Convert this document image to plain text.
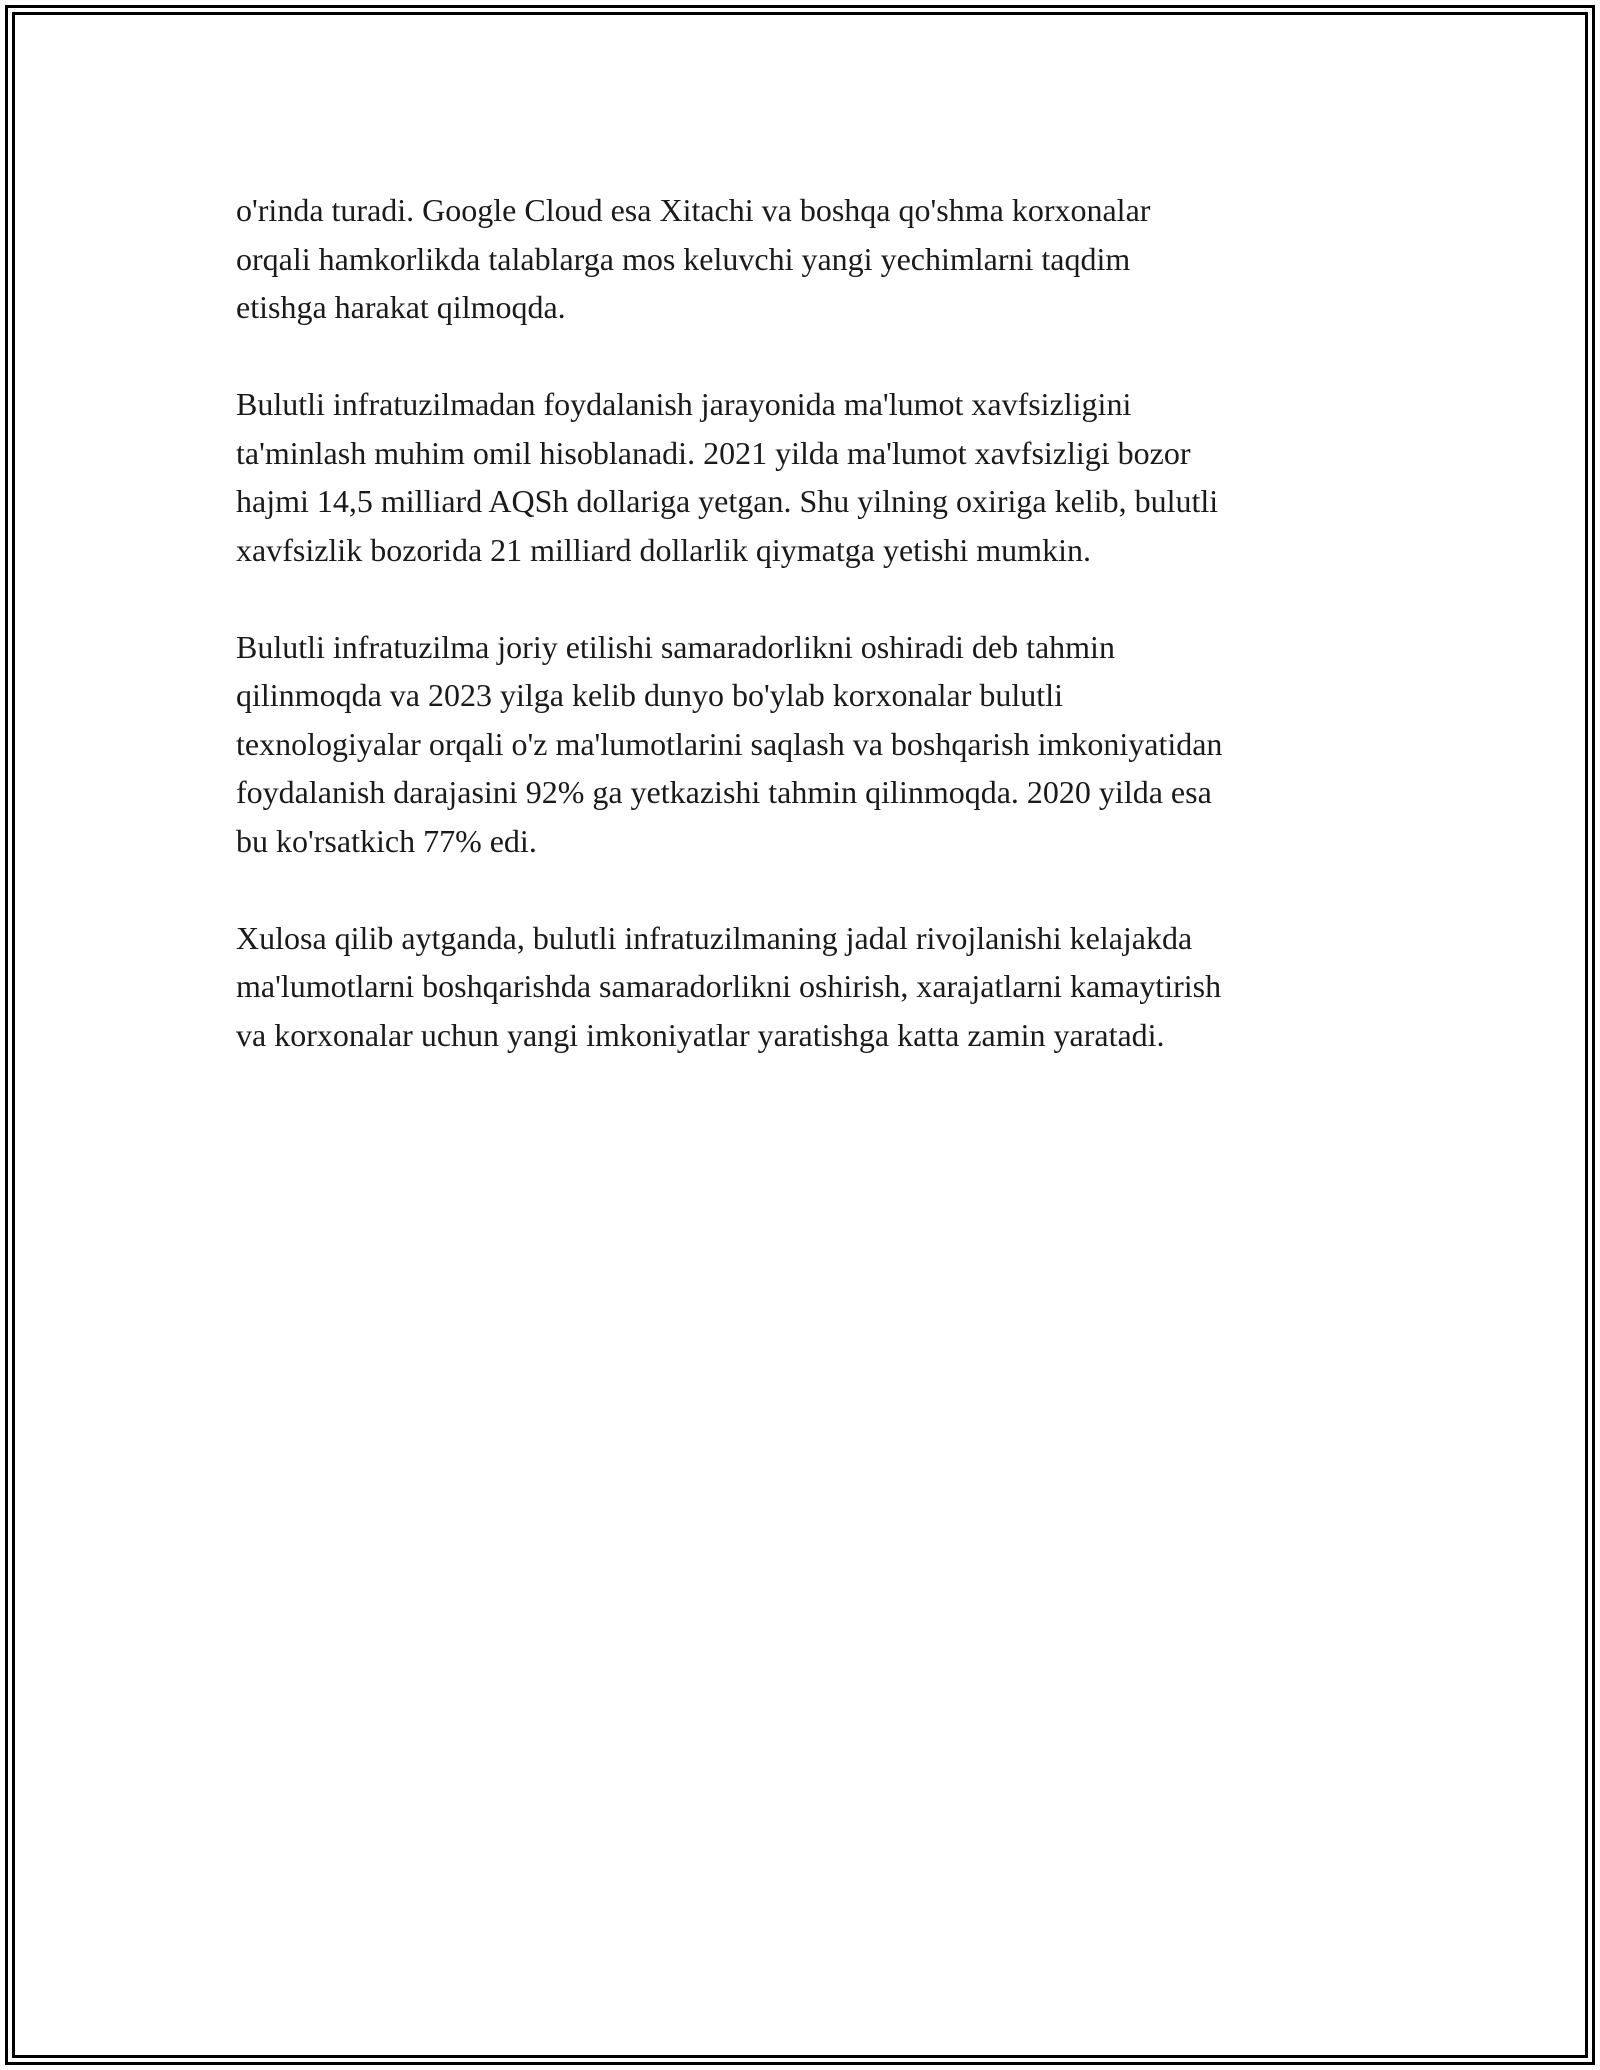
o'rinda turadi. Google Cloud esa Xitachi va boshqa qo'shma korxonalar
orqali hamkorlikda talablarga mos keluvchi yangi yechimlarni taqdim
etishga harakat qilmoqda.

Bulutli infratuzilmadan foydalanish jarayonida ma'lumot xavfsizligini
ta'minlash muhim omil hisoblanadi. 2021 yilda ma'lumot xavfsizligi bozor
hajmi 14,5 milliard AQSh dollariga yetgan. Shu yilning oxiriga kelib, bulutli
xavfsizlik bozorida 21 milliard dollarlik qiymatga yetishi mumkin.

Bulutli infratuzilma joriy etilishi samaradorlikni oshiradi deb tahmin
qilinmoqda va 2023 yilga kelib dunyo bo'ylab korxonalar bulutli
texnologiyalar orqali o'z ma'lumotlarini saqlash va boshqarish imkoniyatidan
foydalanish darajasini 92% ga yetkazishi tahmin qilinmoqda. 2020 yilda esa
bu ko'rsatkich 77% edi.

Xulosa qilib aytganda, bulutli infratuzilmaning jadal rivojlanishi kelajakda
ma'lumotlarni boshqarishda samaradorlikni oshirish, xarajatlarni kamaytirish
va korxonalar uchun yangi imkoniyatlar yaratishga katta zamin yaratadi.
